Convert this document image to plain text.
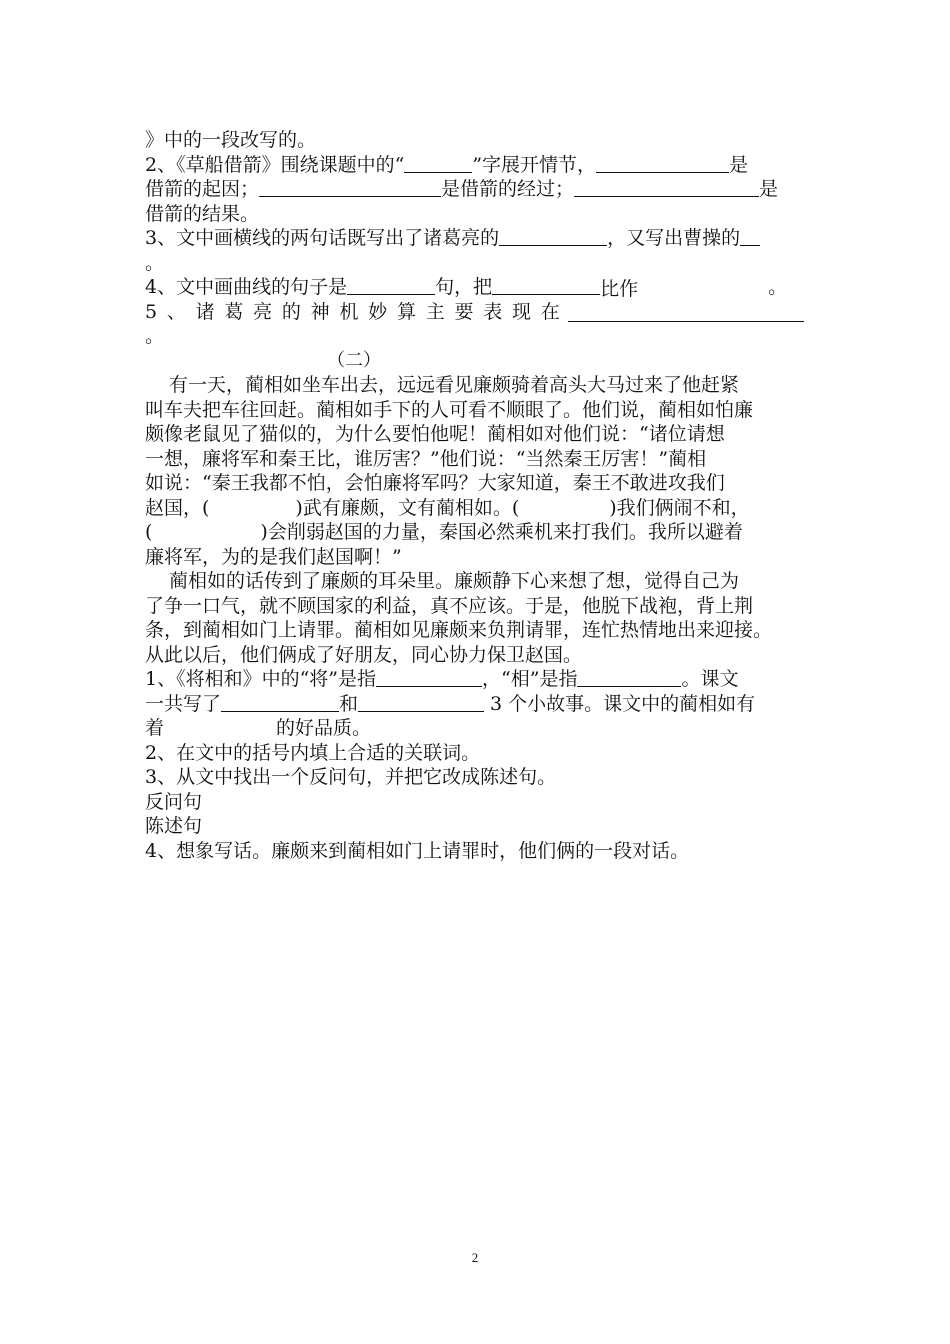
》中的一段改写的。

2、《草船借箭》围绕课题中的“	”字展开情节，	是

借箭的起因；	是借箭的经过；	是

借箭的结果。

3、文中画横线的两句话既写出了诸葛亮的	，又写出曹操的

。

4、文中画曲线的句子是	句，把	比作	。

5 、 诸 葛 亮 的 神 机 妙 算 主 要 表 现 在

。

（二）

有一天，蔺相如坐车出去，远远看见廉颇骑着高头大马过来了他赶紧

叫车夫把车往回赶。蔺相如手下的人可看不顺眼了。他们说，蔺相如怕廉

颇像老鼠见了猫似的，为什么要怕他呢！蔺相如对他们说：“诸位请想

一想，廉将军和秦王比，谁厉害？”他们说：“当然秦王厉害！”蔺相

如说：“秦王我都不怕，会怕廉将军吗？大家知道，秦王不敢进攻我们

赵国，(	)武有廉颇，文有蔺相如。(	)我们俩闹不和，

(	)会削弱赵国的力量，秦国必然乘机来打我们。我所以避着

廉将军，为的是我们赵国啊！”

蔺相如的话传到了廉颇的耳朵里。廉颇静下心来想了想，觉得自己为

了争一口气，就不顾国家的利益，真不应该。于是，他脱下战袍，背上荆

条，到蔺相如门上请罪。蔺相如见廉颇来负荆请罪，连忙热情地出来迎接。

从此以后，他们俩成了好朋友，同心协力保卫赵国。

1、《将相和》中的“将”是指	，“相”是指	。课文

一共写了	和	3 个小故事。课文中的蔺相如有

着	的好品质。

2、在文中的括号内填上合适的关联词。

3、从文中找出一个反问句，并把它改成陈述句。

反问句

陈述句

4、想象写话。廉颇来到蔺相如门上请罪时，他们俩的一段对话。

2
